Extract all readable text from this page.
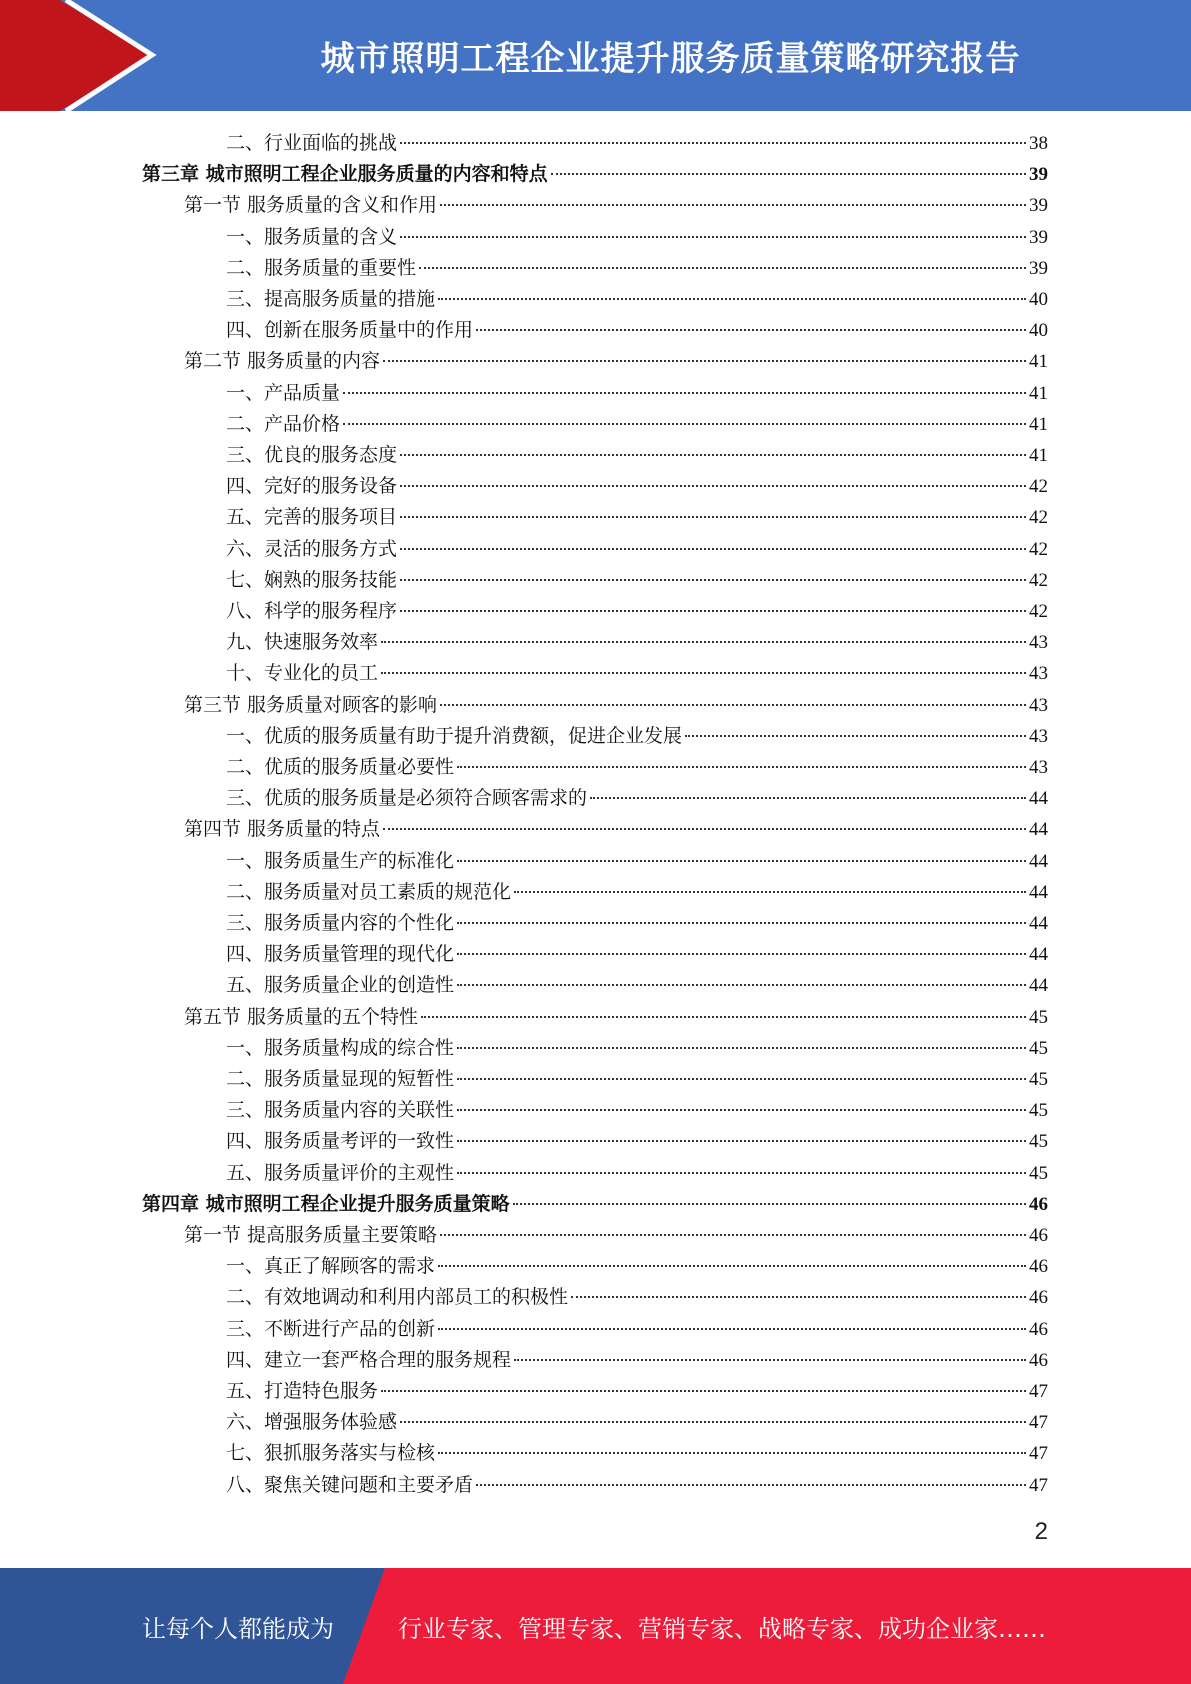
城市照明工程企业提升服务质量策略研究报告
二、行业面临的挑战	38
第三章 城市照明工程企业服务质量的内容和特点	39
第一节 服务质量的含义和作用	39
一、服务质量的含义	39
二、服务质量的重要性	39
三、提高服务质量的措施	40
四、创新在服务质量中的作用	40
第二节 服务质量的内容	41
一、产品质量	41
二、产品价格	41
三、优良的服务态度	41
四、完好的服务设备	42
五、完善的服务项目	42
六、灵活的服务方式	42
七、娴熟的服务技能	42
八、科学的服务程序	42
九、快速服务效率	43
十、专业化的员工	43
第三节 服务质量对顾客的影响	43
一、优质的服务质量有助于提升消费额，促进企业发展	43
二、优质的服务质量必要性	43
三、优质的服务质量是必须符合顾客需求的	44
第四节 服务质量的特点	44
一、服务质量生产的标准化	44
二、服务质量对员工素质的规范化	44
三、服务质量内容的个性化	44
四、服务质量管理的现代化	44
五、服务质量企业的创造性	44
第五节 服务质量的五个特性	45
一、服务质量构成的综合性	45
二、服务质量显现的短暂性	45
三、服务质量内容的关联性	45
四、服务质量考评的一致性	45
五、服务质量评价的主观性	45
第四章 城市照明工程企业提升服务质量策略	46
第一节 提高服务质量主要策略	46
一、真正了解顾客的需求	46
二、有效地调动和利用内部员工的积极性	46
三、不断进行产品的创新	46
四、建立一套严格合理的服务规程	46
五、打造特色服务	47
六、增强服务体验感	47
七、狠抓服务落实与检核	47
八、聚焦关键问题和主要矛盾	47
2
让每个人都能成为	行业专家、管理专家、营销专家、战略专家、成功企业家……
